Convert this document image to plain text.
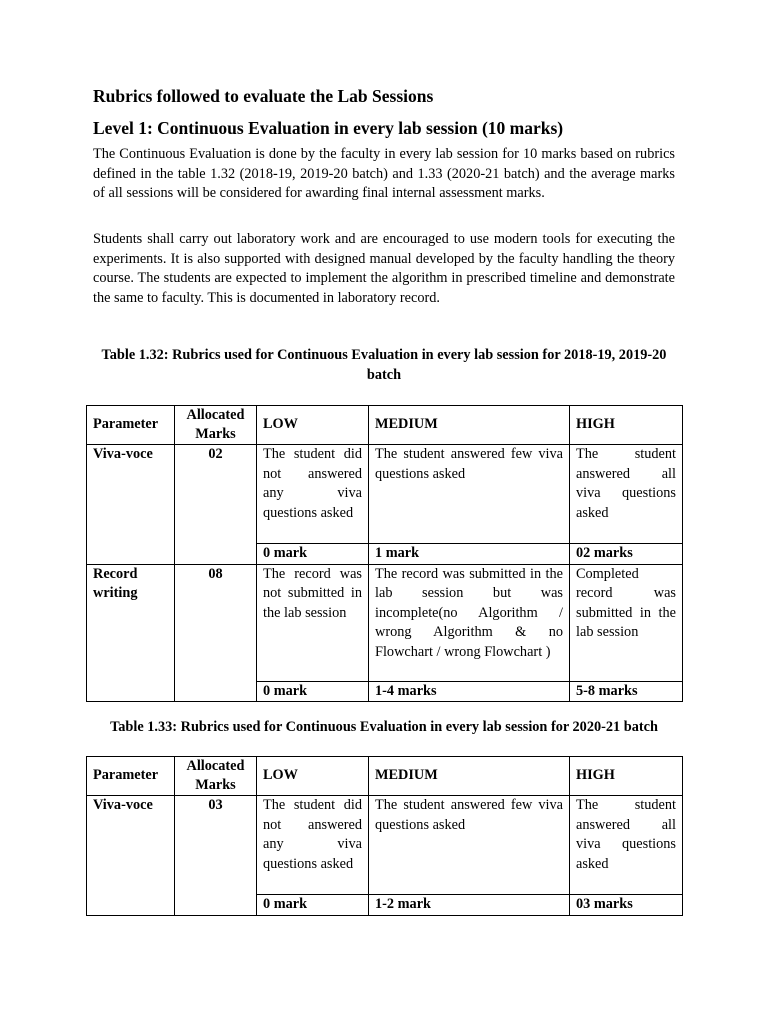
Rubrics followed to evaluate the Lab Sessions
Level 1: Continuous Evaluation in every lab session (10 marks)

The Continuous Evaluation is done by the faculty in every lab session for 10 marks based on rubrics defined in the table 1.32 (2018-19, 2019-20 batch) and 1.33 (2020-21 batch) and the average marks of all sessions will be considered for awarding final internal assessment marks.

Students shall carry out laboratory work and are encouraged to use modern tools for executing the experiments. It is also supported with designed manual developed by the faculty handling the theory course. The students are expected to implement the algorithm in prescribed timeline and demonstrate the same to faculty. This is documented in laboratory record.

Table 1.32: Rubrics used for Continuous Evaluation in every lab session for 2018-19, 2019-20 batch
Parameter	Allocated Marks	LOW	MEDIUM	HIGH
Viva-voce	02	The student did not answered any viva questions asked	The student answered few viva questions asked	The student answered all viva questions asked
		0 mark	1 mark	02 marks
Record writing	08	The record was not submitted in the lab session	The record was submitted in the lab session but was incomplete(no Algorithm / wrong Algorithm & no Flowchart / wrong Flowchart )	Completed record was submitted in the lab session
		0 mark	1-4 marks	5-8 marks
Table 1.33: Rubrics used for Continuous Evaluation in every lab session for 2020-21 batch
Parameter	Allocated Marks	LOW	MEDIUM	HIGH
Viva-voce	03	The student did not answered any viva questions asked	The student answered few viva questions asked	The student answered all viva questions asked
		0 mark	1-2 mark	03 marks
